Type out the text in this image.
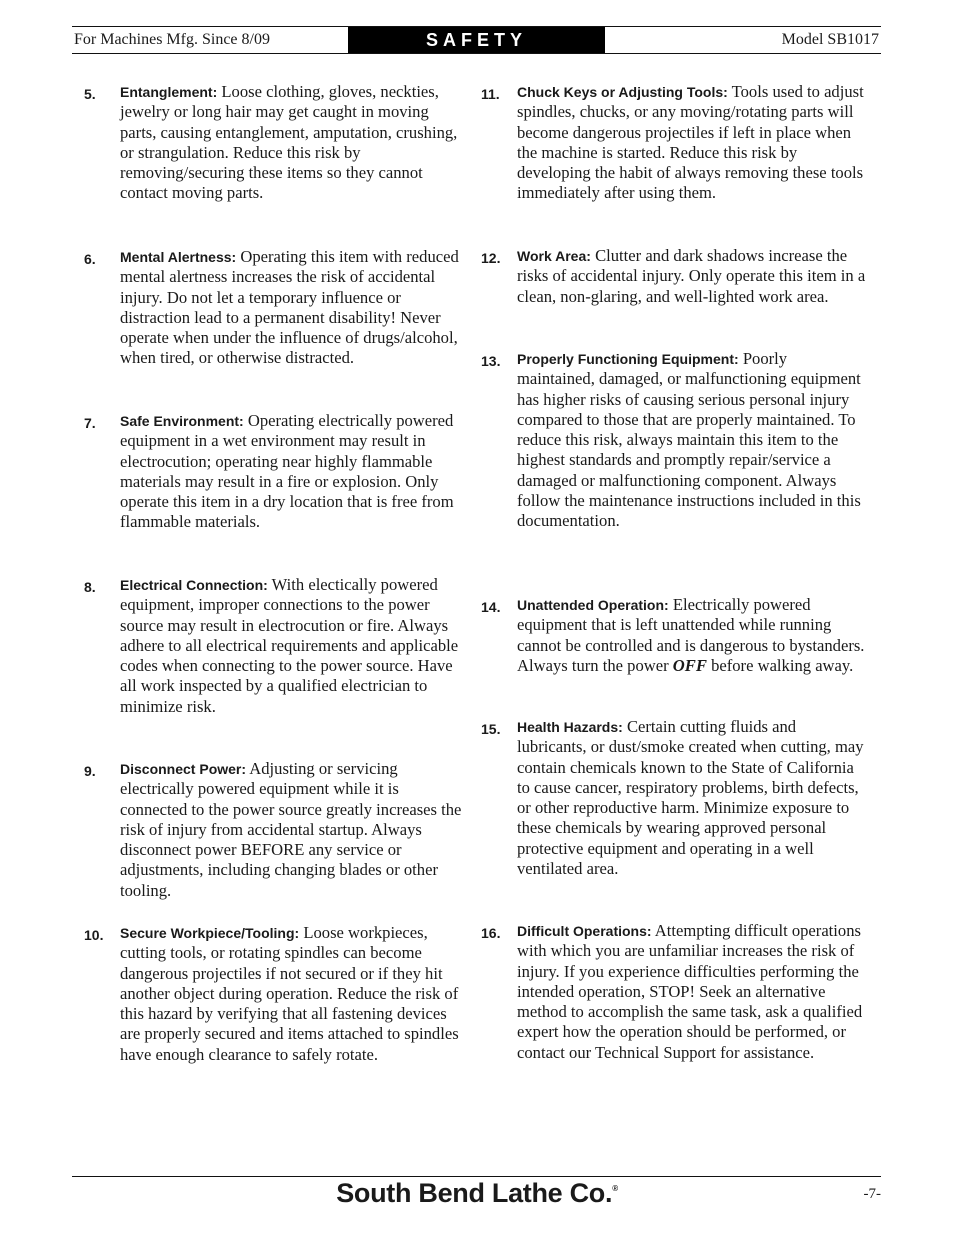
For Machines Mfg. Since 8/09	SAFETY	Model SB1017
5.	Entanglement: Loose clothing, gloves, neckties, jewelry or long hair may get caught in moving parts, causing entanglement, amputation, crushing, or strangulation. Reduce this risk by removing/securing these items so they cannot contact moving parts.
6.	Mental Alertness: Operating this item with reduced mental alertness increases the risk of accidental injury. Do not let a temporary influence or distraction lead to a permanent disability! Never operate when under the influence of drugs/alcohol, when tired, or otherwise distracted.
7.	Safe Environment: Operating electrically powered equipment in a wet environment may result in electrocution; operating near highly flammable materials may result in a fire or explosion. Only operate this item in a dry location that is free from flammable materials.
8.	Electrical Connection: With electically powered equipment, improper connections to the power source may result in electrocution or fire. Always adhere to all electrical requirements and applicable codes when connecting to the power source. Have all work inspected by a qualified electrician to minimize risk.
9.	Disconnect Power: Adjusting or servicing electrically powered equipment while it is connected to the power source greatly increases the risk of injury from accidental startup. Always disconnect power BEFORE any service or adjustments, including changing blades or other tooling.
10.	Secure Workpiece/Tooling: Loose workpieces, cutting tools, or rotating spindles can become dangerous projectiles if not secured or if they hit another object during operation. Reduce the risk of this hazard by verifying that all fastening devices are properly secured and items attached to spindles have enough clearance to safely rotate.
11.	Chuck Keys or Adjusting Tools: Tools used to adjust spindles, chucks, or any moving/rotating parts will become dangerous projectiles if left in place when the machine is started. Reduce this risk by developing the habit of always removing these tools immediately after using them.
12.	Work Area: Clutter and dark shadows increase the risks of accidental injury. Only operate this item in a clean, non-glaring, and well-lighted work area.
13.	Properly Functioning Equipment: Poorly maintained, damaged, or malfunctioning equipment has higher risks of causing serious personal injury compared to those that are properly maintained. To reduce this risk, always maintain this item to the highest standards and promptly repair/service a damaged or malfunctioning component. Always follow the maintenance instructions included in this documentation.
14.	Unattended Operation: Electrically powered equipment that is left unattended while running cannot be controlled and is dangerous to bystanders. Always turn the power OFF before walking away.
15.	Health Hazards: Certain cutting fluids and lubricants, or dust/smoke created when cutting, may contain chemicals known to the State of California to cause cancer, respiratory problems, birth defects, or other reproductive harm. Minimize exposure to these chemicals by wearing approved personal protective equipment and operating in a well ventilated area.
16.	Difficult Operations: Attempting difficult operations with which you are unfamiliar increases the risk of injury. If you experience difficulties performing the intended operation, STOP! Seek an alternative method to accomplish the same task, ask a qualified expert how the operation should be performed, or contact our Technical Support for assistance.
South Bend Lathe Co.®	-7-
